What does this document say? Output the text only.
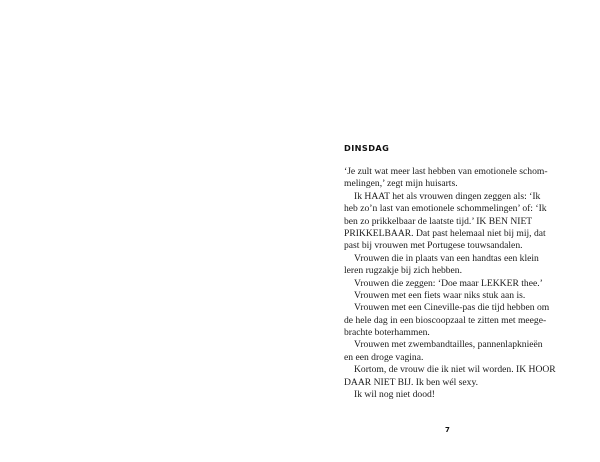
DINSDAG
‘Je zult wat meer last hebben van emotionele schom-
melingen,’ zegt mijn huisarts.
Ik HAAT het als vrouwen dingen zeggen als: ‘Ik
heb zo’n last van emotionele schommelingen’ of: ‘Ik
ben zo prikkelbaar de laatste tijd.’ IK BEN NIET
PRIKKELBAAR. Dat past helemaal niet bij mij, dat
past bij vrouwen met Portugese touwsandalen.
Vrouwen die in plaats van een handtas een klein
leren rugzakje bij zich hebben.
Vrouwen die zeggen: ‘Doe maar LEKKER thee.’
Vrouwen met een fiets waar niks stuk aan is.
Vrouwen met een Cineville-pas die tijd hebben om
de hele dag in een bioscoopzaal te zitten met meege-
brachte boterhammen.
Vrouwen met zwembandtailles, pannenlapknieën
en een droge vagina.
Kortom, de vrouw die ik niet wil worden. IK HOOR
DAAR NIET BIJ. Ik ben wél sexy.
Ik wil nog niet dood!
7
